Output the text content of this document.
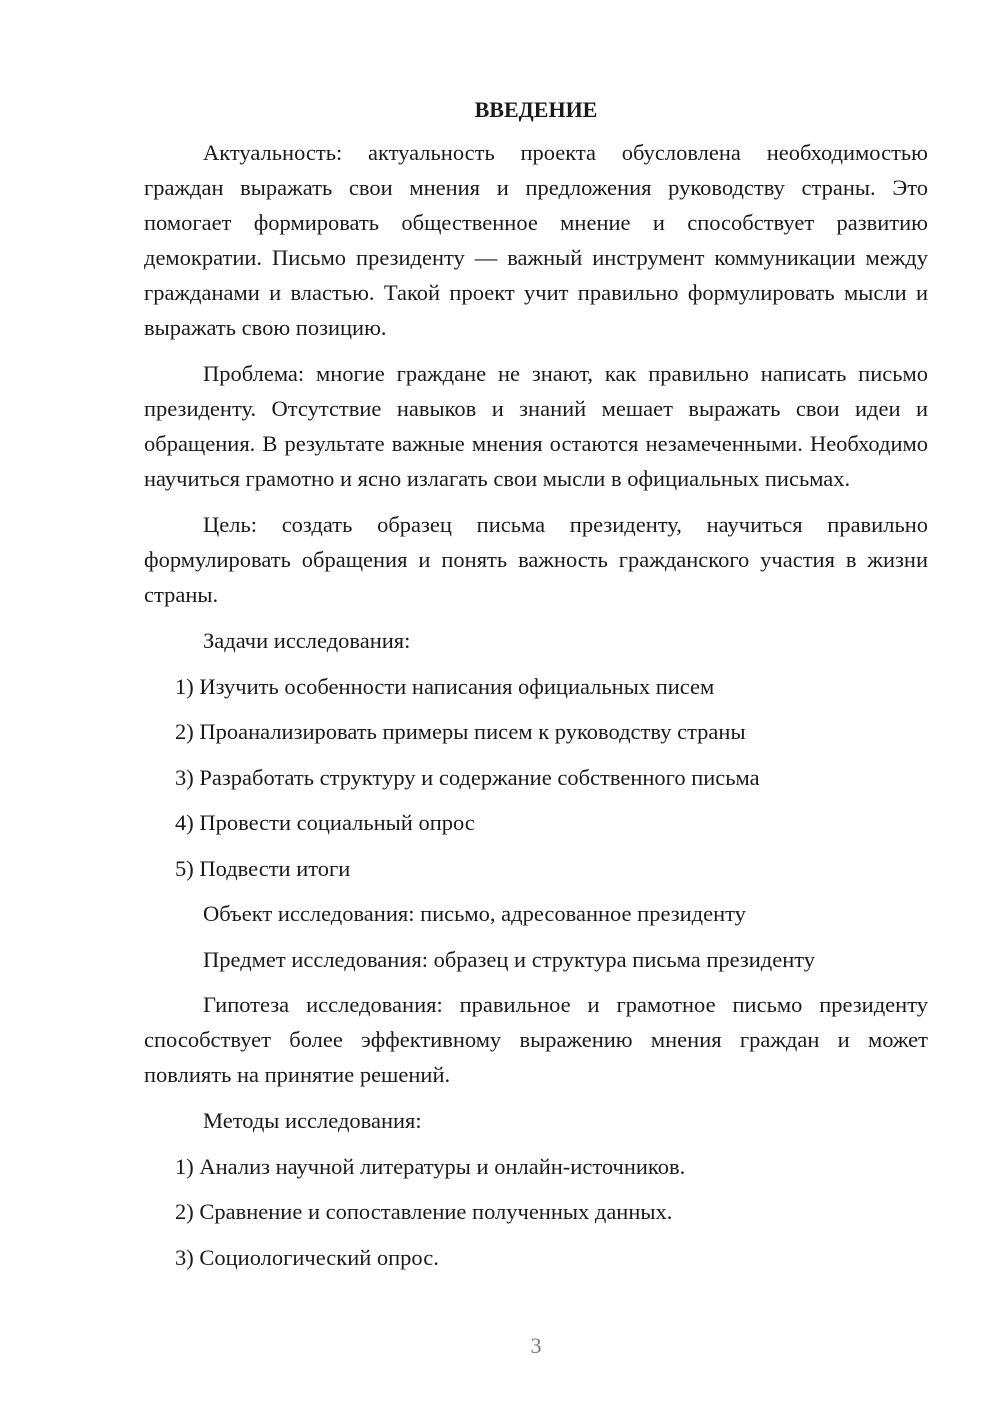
ВВЕДЕНИЕ

Актуальность: актуальность проекта обусловлена необходимостью граждан выражать свои мнения и предложения руководству страны. Это помогает формировать общественное мнение и способствует развитию демократии. Письмо президенту — важный инструмент коммуникации между гражданами и властью. Такой проект учит правильно формулировать мысли и выражать свою позицию.

Проблема: многие граждане не знают, как правильно написать письмо президенту. Отсутствие навыков и знаний мешает выражать свои идеи и обращения. В результате важные мнения остаются незамеченными. Необходимо научиться грамотно и ясно излагать свои мысли в официальных письмах.

Цель: создать образец письма президенту, научиться правильно формулировать обращения и понять важность гражданского участия в жизни страны.

Задачи исследования:

1) Изучить особенности написания официальных писем
2) Проанализировать примеры писем к руководству страны
3) Разработать структуру и содержание собственного письма
4) Провести социальный опрос
5) Подвести итоги

Объект исследования: письмо, адресованное президенту

Предмет исследования: образец и структура письма президенту

Гипотеза исследования: правильное и грамотное письмо президенту способствует более эффективному выражению мнения граждан и может повлиять на принятие решений.

Методы исследования:

1) Анализ научной литературы и онлайн-источников.
2) Сравнение и сопоставление полученных данных.
3) Социологический опрос.
3
